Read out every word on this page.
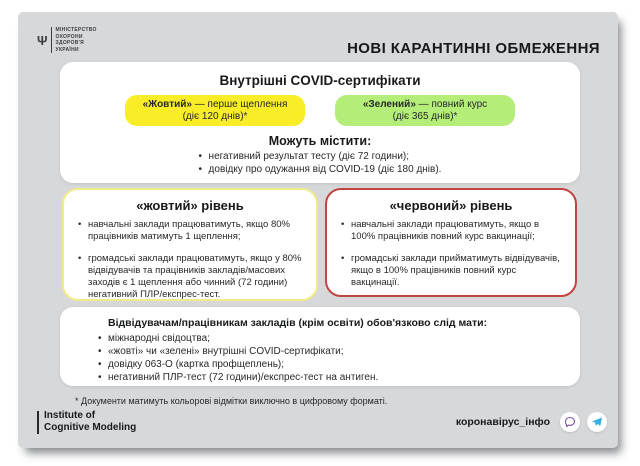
Ψ
МІНІСТЕРСТВО
ОХОРОНИ
ЗДОРОВ'Я
УКРАЇНИ	НОВІ КАРАНТИННІ ОБМЕЖЕННЯ
Внутрішні COVID-сертифікати
«Жовтий» — перше щеплення
(діє 120 днів)*
«Зелений» — повний курс
(діє 365 днів)*
Можуть містити:
• негативний результат тесту (діє 72 години);
• довідку про одужання від COVID-19 (діє 180 днів).
«жовтий» рівень
• навчальні заклади працюватимуть, якщо 80% працівників матимуть 1 щеплення;
• громадські заклади працюватимуть, якщо у 80% відвідувачів та працівників закладів/масових заходів є 1 щеплення або чинний (72 години) негативний ПЛР/експрес-тест.
«червоний» рівень
• навчальні заклади працюватимуть, якщо в 100% працівників повний курс вакцинації;
• громадські заклади прийматимуть відвідувачів, якщо в 100% працівників повний курс вакцинації.
Відвідувачам/працівникам закладів (крім освіти) обов'язково слід мати:
• міжнародні свідоцтва;
• «жовті» чи «зелені» внутрішні COVID-сертифікати;
• довідку 063-О (картка профщеплень);
• негативний ПЛР-тест (72 години)/експрес-тест на антиген.
* Документи матимуть кольорові відмітки виключно в цифровому форматі.
Institute of
Cognitive Modeling	коронавірус_інфо
